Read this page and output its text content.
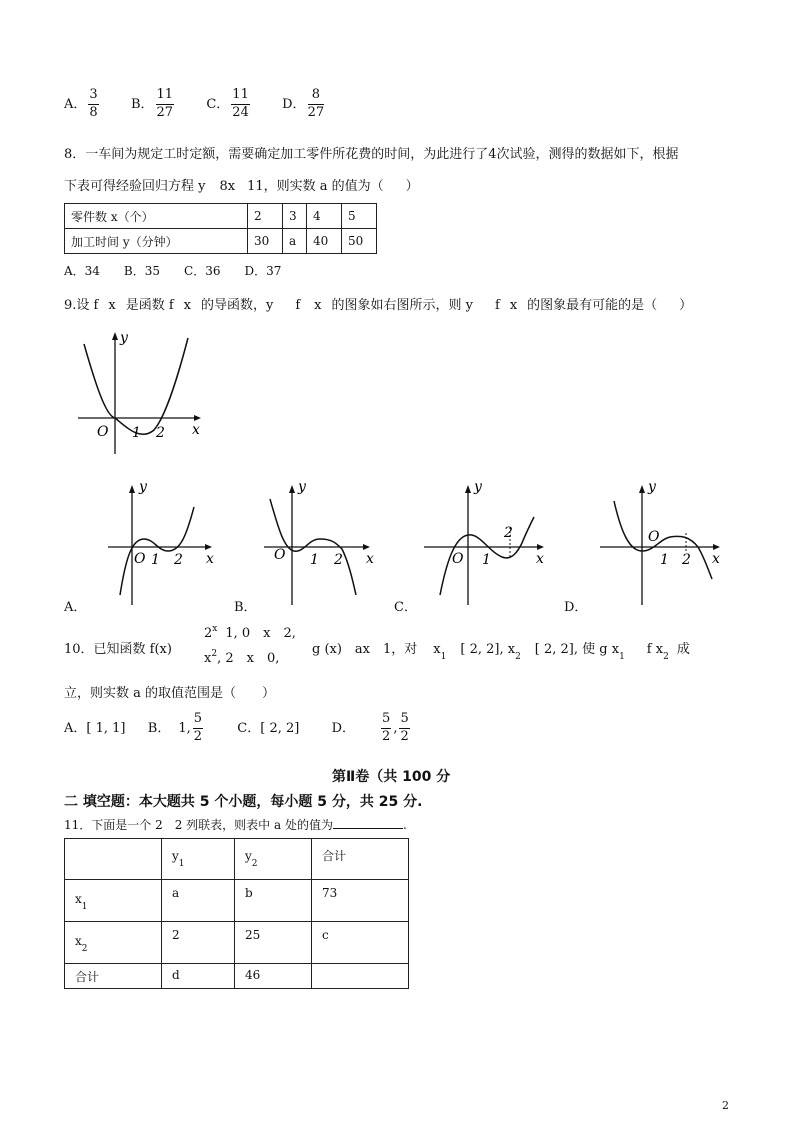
A． $\frac{3}{8}$ B． $\frac{11}{27}$ C． $\frac{11}{24}$ D． $\frac{8}{27}$
8．一车间为规定工时定额，需要确定加工零件所花费的时间，为此进行了4次试验，测得的数据如下，根据
下表可得经验回归方程 y 8x 11，则实数 a 的值为（ ）
零件数 x（个）	2	3	4	5
加工时间 y（分钟）	30	a	40	50
A．34　　B．35　　C．36　　D．37
9.设 f x 是函数 f x 的导函数，y f x 的图象如右图所示，则 y f x 的图象最有可能的是（ ）
y
x
O 1 2
y
x
O 1 2
A．
y
x
O 1 2
B．
y
x
O 1
2
C．
y
x
O
1 2
D．
10．已知函数 f(x)
2$^x$ 1, 0　x　2,
$x^2$, 2　x　0,
g (x)　ax　1，对 $x_1$ [ 2, 2], $x_2$ [ 2, 2], 使 g $x_1$ f $x_2$ 成
立，则实数 a 的取值范围是（　　）
A．[ 1, 1] B． 1, $\frac{5}{2}$	C．[ 2, 2] D． $\frac{5}{2}$ , $\frac{5}{2}$
第Ⅱ卷（共 100 分
二 填空题：本大题共 5 个小题，每小题 5 分，共 25 分.
11．下面是一个 2 2 列联表，则表中 a 处的值为	.
	$y_1$	$y_2$	合计
$x_1$	a	b	73
$x_2$	2	25	c
合计	d	46	
2
